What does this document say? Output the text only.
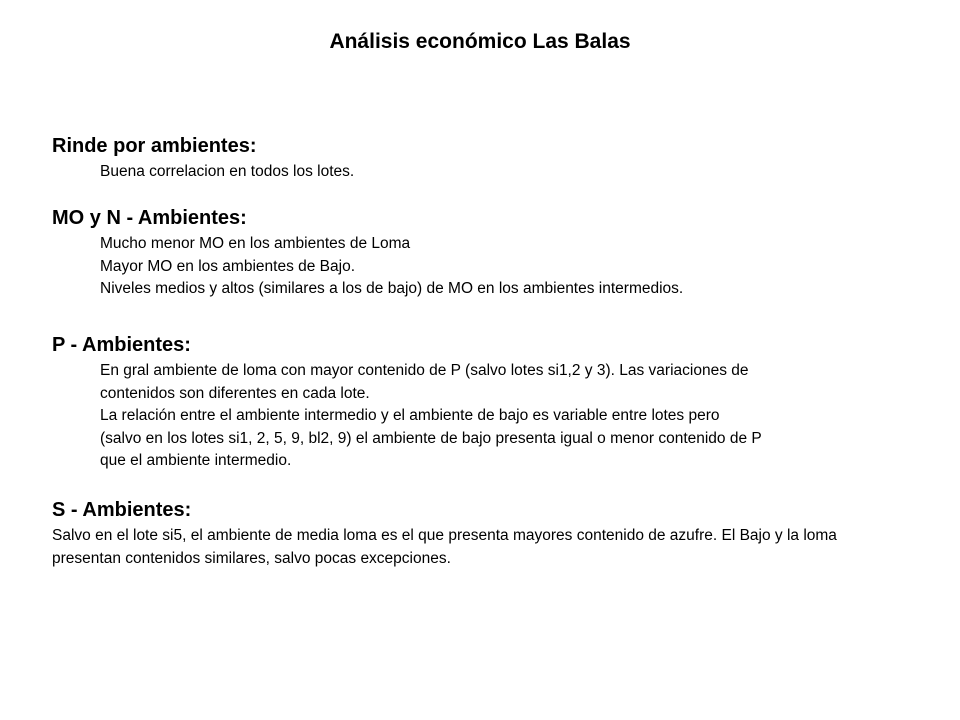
Análisis económico Las Balas

Rinde por ambientes:

Buena correlacion en todos los lotes.

MO y N - Ambientes:

Mucho menor MO en los ambientes de Loma
Mayor MO en los ambientes de Bajo.
Niveles medios y altos (similares a los de bajo) de MO en los ambientes intermedios.

P - Ambientes:

En gral ambiente de loma con mayor contenido de P (salvo lotes si1,2 y 3). Las variaciones de
contenidos son diferentes en cada lote.
La relación entre el ambiente intermedio y el ambiente de bajo es variable entre lotes pero
(salvo en los lotes si1, 2, 5, 9, bl2, 9) el ambiente de bajo presenta igual o menor contenido de P
que el ambiente intermedio.

S - Ambientes:

Salvo en el lote si5, el ambiente de media loma es el que presenta mayores contenido de azufre. El Bajo y la loma presentan contenidos similares, salvo pocas excepciones.
